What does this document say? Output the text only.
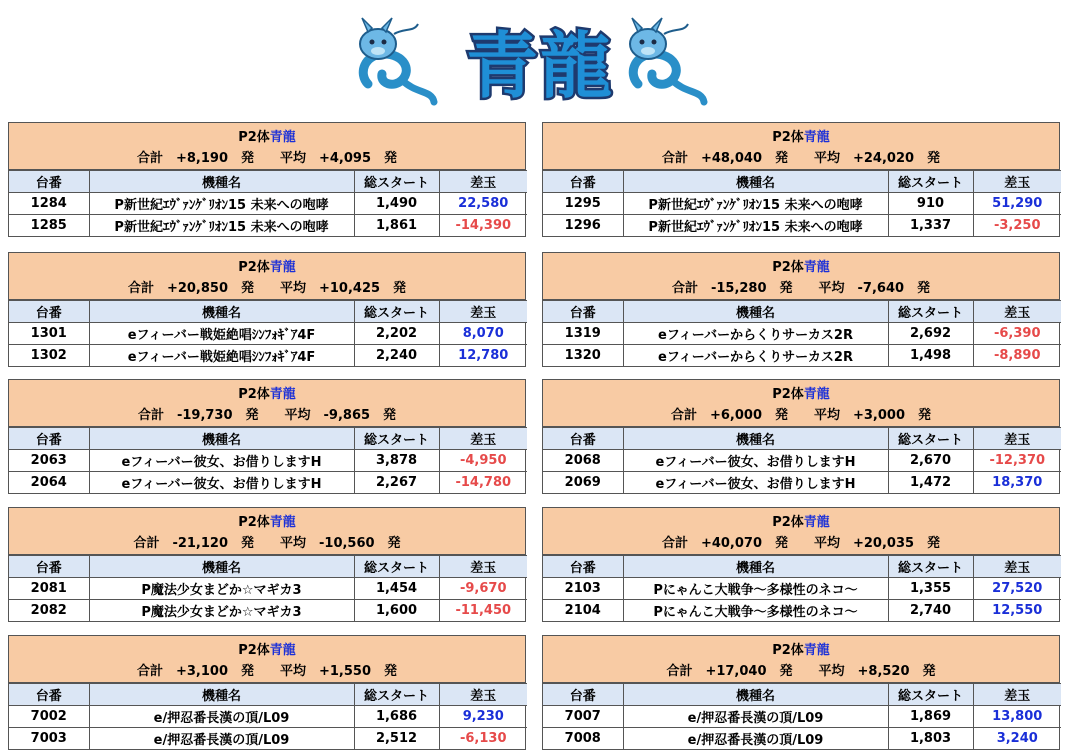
青龍
P2体青龍
合計　+8,190　発　　平均　+4,095　発
台番	機種名	総スタート	差玉
1284	P新世紀ｴｳﾞｧﾝｹﾞﾘｵﾝ15 未来への咆哮	1,490	22,580
1285	P新世紀ｴｳﾞｧﾝｹﾞﾘｵﾝ15 未来への咆哮	1,861	-14,390
P2体青龍
合計　+48,040　発　　平均　+24,020　発
台番	機種名	総スタート	差玉
1295	P新世紀ｴｳﾞｧﾝｹﾞﾘｵﾝ15 未来への咆哮	910	51,290
1296	P新世紀ｴｳﾞｧﾝｹﾞﾘｵﾝ15 未来への咆哮	1,337	-3,250
P2体青龍
合計　+20,850　発　　平均　+10,425　発
台番	機種名	総スタート	差玉
1301	eフィーバー戦姫絶唱ｼﾝﾌｫｷﾞｱ4F	2,202	8,070
1302	eフィーバー戦姫絶唱ｼﾝﾌｫｷﾞｱ4F	2,240	12,780
P2体青龍
合計　-15,280　発　　平均　-7,640　発
台番	機種名	総スタート	差玉
1319	eフィーバーからくりサーカス2R	2,692	-6,390
1320	eフィーバーからくりサーカス2R	1,498	-8,890
P2体青龍
合計　-19,730　発　　平均　-9,865　発
台番	機種名	総スタート	差玉
2063	eフィーバー彼女、お借りしますH	3,878	-4,950
2064	eフィーバー彼女、お借りしますH	2,267	-14,780
P2体青龍
合計　+6,000　発　　平均　+3,000　発
台番	機種名	総スタート	差玉
2068	eフィーバー彼女、お借りしますH	2,670	-12,370
2069	eフィーバー彼女、お借りしますH	1,472	18,370
P2体青龍
合計　-21,120　発　　平均　-10,560　発
台番	機種名	総スタート	差玉
2081	P魔法少女まどか☆マギカ3	1,454	-9,670
2082	P魔法少女まどか☆マギカ3	1,600	-11,450
P2体青龍
合計　+40,070　発　　平均　+20,035　発
台番	機種名	総スタート	差玉
2103	Pにゃんこ大戦争～多様性のネコ～	1,355	27,520
2104	Pにゃんこ大戦争～多様性のネコ～	2,740	12,550
P2体青龍
合計　+3,100　発　　平均　+1,550　発
台番	機種名	総スタート	差玉
7002	e/押忍番長漢の頂/L09	1,686	9,230
7003	e/押忍番長漢の頂/L09	2,512	-6,130
P2体青龍
合計　+17,040　発　　平均　+8,520　発
台番	機種名	総スタート	差玉
7007	e/押忍番長漢の頂/L09	1,869	13,800
7008	e/押忍番長漢の頂/L09	1,803	3,240
